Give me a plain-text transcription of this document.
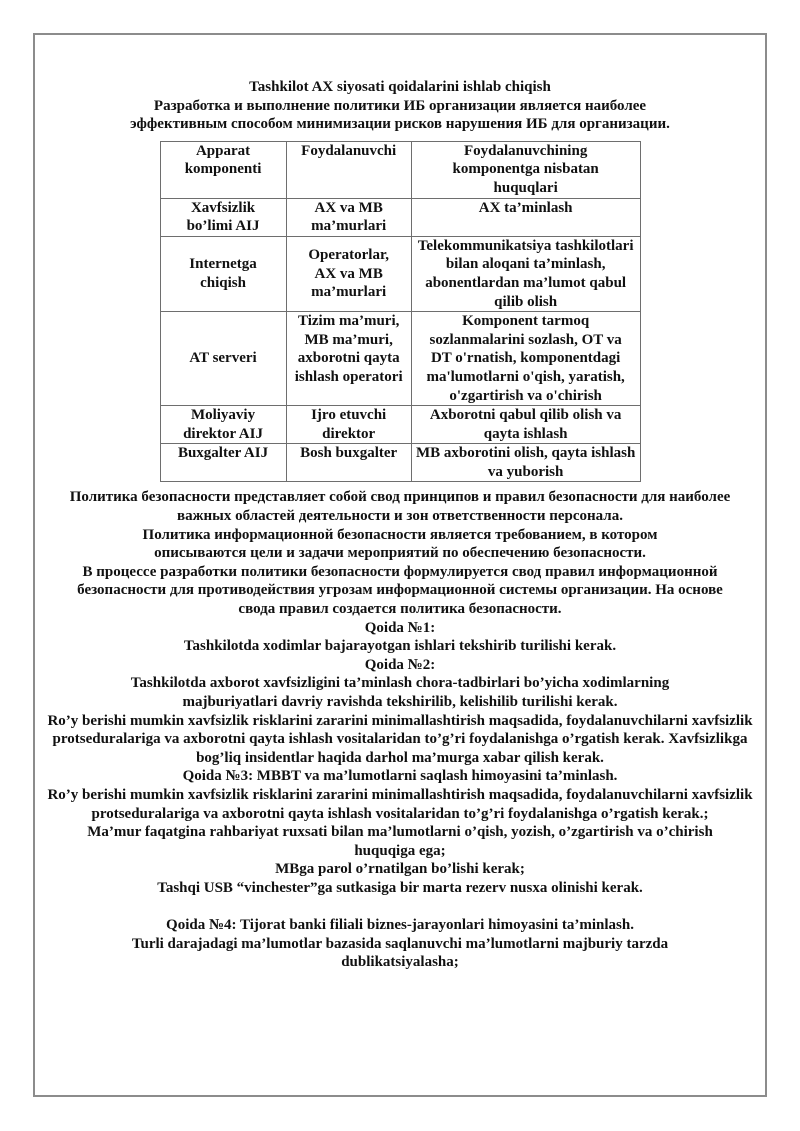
Tashkilot AX siyosati qoidalarini ishlab chiqish

Разработка и выполнение политики ИБ организации является наиболее эффективным способом минимизации рисков нарушения ИБ для организации.

Apparat komponenti	Foydalanuvchi	Foydalanuvchining komponentga nisbatan huquqlari
Xavfsizlik bo’limi AIJ	AX va MB ma’murlari	AX ta’minlash
Internetga chiqish	Operatorlar, AX va MB ma’murlari	Telekommunikatsiya tashkilotlari bilan aloqani ta’minlash, abonentlardan ma’lumot qabul qilib olish
AT serveri	Tizim ma’muri, MB ma’muri, axborotni qayta ishlash operatori	Komponent tarmoq sozlanmalarini sozlash, OT va DT o'rnatish, komponentdagi ma'lumotlarni o'qish, yaratish, o'zgartirish va o'chirish
Moliyaviy direktor AIJ	Ijro etuvchi direktor	Axborotni qabul qilib olish va qayta ishlash
Buxgalter AIJ	Bosh buxgalter	MB axborotini olish, qayta ishlash va yuborish

Политика безопасности представляет собой свод принципов и правил безопасности для наиболее важных областей деятельности и зон ответственности персонала.

Политика информационной безопасности является требованием, в котором описываются цели и задачи мероприятий по обеспечению безопасности.

В процессе разработки политики безопасности формулируется свод правил информационной безопасности для противодействия угрозам информационной системы организации. На основе свода правил создается политика безопасности.

Qoida №1:

Tashkilotda xodimlar bajarayotgan ishlari tekshirib turilishi kerak.

Qoida №2:

Tashkilotda axborot xavfsizligini ta’minlash chora-tadbirlari bo’yicha xodimlarning majburiyatlari davriy ravishda tekshirilib, kelishilib turilishi kerak.

Ro’y berishi mumkin xavfsizlik risklarini zararini minimallashtirish maqsadida, foydalanuvchilarni xavfsizlik protseduralariga va axborotni qayta ishlash vositalaridan to’g’ri foydalanishga o’rgatish kerak. Xavfsizlikga bog’liq insidentlar haqida darhol ma’murga xabar qilish kerak.

Qoida №3: MBBT va ma’lumotlarni saqlash himoyasini ta’minlash.

Ro’y berishi mumkin xavfsizlik risklarini zararini minimallashtirish maqsadida, foydalanuvchilarni xavfsizlik protseduralariga va axborotni qayta ishlash vositalaridan to’g’ri foydalanishga o’rgatish kerak.;

Ma’mur faqatgina rahbariyat ruxsati bilan ma’lumotlarni o’qish, yozish, o’zgartirish va o’chirish huquqiga ega;

MBga parol o’rnatilgan bo’lishi kerak;

Tashqi USB “vinchester”ga sutkasiga bir marta rezerv nusxa olinishi kerak.

Qoida №4: Tijorat banki filiali biznes-jarayonlari himoyasini ta’minlash.

Turli darajadagi ma’lumotlar bazasida saqlanuvchi ma’lumotlarni majburiy tarzda dublikatsiyalasha;
